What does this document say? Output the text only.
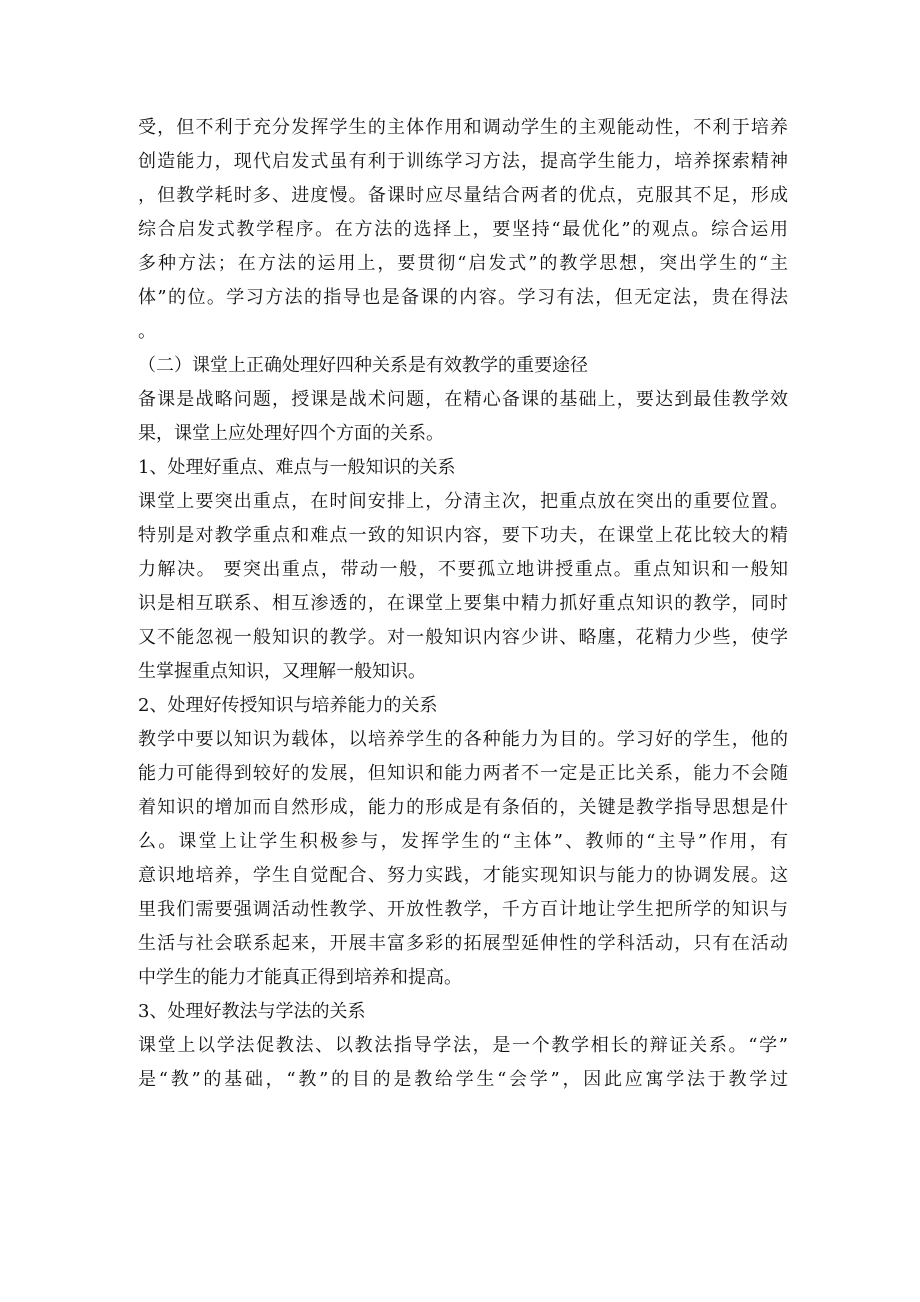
受，但不利于充分发挥学生的主体作用和调动学生的主观能动性，不利于培养
创造能力，现代启发式虽有利于训练学习方法，提高学生能力，培养探索精神
，但教学耗时多、进度慢。备课时应尽量结合两者的优点，克服其不足，形成
综合启发式教学程序。在方法的选择上，要坚持“最优化”的观点。综合运用
多种方法；在方法的运用上，要贯彻“启发式”的教学思想，突出学生的“主
体”的位。学习方法的指导也是备课的内容。学习有法，但无定法，贵在得法
。
（二）课堂上正确处理好四种关系是有效教学的重要途径
备课是战略问题，授课是战术问题，在精心备课的基础上，要达到最佳教学效
果，课堂上应处理好四个方面的关系。
1、处理好重点、难点与一般知识的关系
课堂上要突出重点，在时间安排上，分清主次，把重点放在突出的重要位置。
特别是对教学重点和难点一致的知识内容，要下功夫，在课堂上花比较大的精
力解决。 要突出重点，带动一般，不要孤立地讲授重点。重点知识和一般知
识是相互联系、相互渗透的，在课堂上要集中精力抓好重点知识的教学，同时
又不能忽视一般知识的教学。对一般知识内容少讲、略廛，花精力少些，使学
生掌握重点知识，又理解一般知识。
2、处理好传授知识与培养能力的关系
教学中要以知识为载体，以培养学生的各种能力为目的。学习好的学生，他的
能力可能得到较好的发展，但知识和能力两者不一定是正比关系，能力不会随
着知识的增加而自然形成，能力的形成是有条佰的，关键是教学指导思想是什
么。课堂上让学生积极参与，发挥学生的“主体”、教师的“主导”作用，有
意识地培养，学生自觉配合、努力实践，才能实现知识与能力的协调发展。这
里我们需要强调活动性教学、开放性教学，千方百计地让学生把所学的知识与
生活与社会联系起来，开展丰富多彩的拓展型延伸性的学科活动，只有在活动
中学生的能力才能真正得到培养和提高。
3、处理好教法与学法的关系
课堂上以学法促教法、以教法指导学法，是一个教学相长的辩证关系。“学”
是“教”的基础，“教”的目的是教给学生“会学”，因此应寓学法于教学过
